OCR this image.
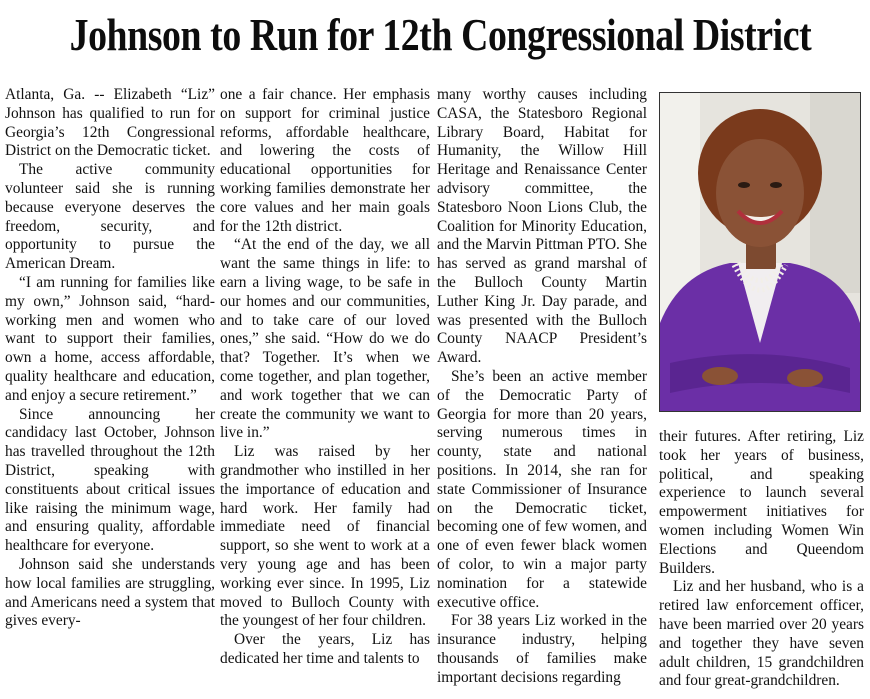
Johnson to Run for 12th Congressional District

Atlanta, Ga. -- Elizabeth “Liz” Johnson has qualified to run for Georgia’s 12th Congressional District on the Democratic ticket.

The active community volunteer said she is running because everyone deserves the freedom, security, and opportunity to pursue the American Dream.

“I am running for families like my own,” Johnson said, “hard-working men and women who want to support their families, own a home, access affordable, quality healthcare and education, and enjoy a secure retirement.”

Since announcing her candidacy last October, Johnson has travelled throughout the 12th District, speaking with constituents about critical issues like raising the minimum wage, and ensuring quality, affordable healthcare for everyone.

Johnson said she understands how local families are struggling, and Americans need a system that gives every-

one a fair chance. Her emphasis on support for criminal justice reforms, affordable healthcare, and lowering the costs of educational opportunities for working families demonstrate her core values and her main goals for the 12th district.

“At the end of the day, we all want the same things in life: to earn a living wage, to be safe in our homes and our communities, and to take care of our loved ones,” she said. “How do we do that? Together. It’s when we come together, and plan together, and work together that we can create the community we want to live in.”

Liz was raised by her grandmother who instilled in her the importance of education and hard work. Her family had immediate need of financial support, so she went to work at a very young age and has been working ever since. In 1995, Liz moved to Bulloch County with the youngest of her four children.

Over the years, Liz has dedicated her time and talents to

many worthy causes including CASA, the Statesboro Regional Library Board, Habitat for Humanity, the Willow Hill Heritage and Renaissance Center advisory committee, the Statesboro Noon Lions Club, the Coalition for Minority Education, and the Marvin Pittman PTO. She has served as grand marshal of the Bulloch County Martin Luther King Jr. Day parade, and was presented with the Bulloch County NAACP President’s Award.

She’s been an active member of the Democratic Party of Georgia for more than 20 years, serving numerous times in county, state and national positions. In 2014, she ran for state Commissioner of Insurance on the Democratic ticket, becoming one of few women, and one of even fewer black women of color, to win a major party nomination for a statewide executive office.

For 38 years Liz worked in the insurance industry, helping thousands of families make important decisions regarding

their futures. After retiring, Liz took her years of business, political, and speaking experience to launch several empowerment initiatives for women including Women Win Elections and Queendom Builders.

Liz and her husband, who is a retired law enforcement officer, have been married over 20 years and together they have seven adult children, 15 grandchildren and four great-grandchildren.
